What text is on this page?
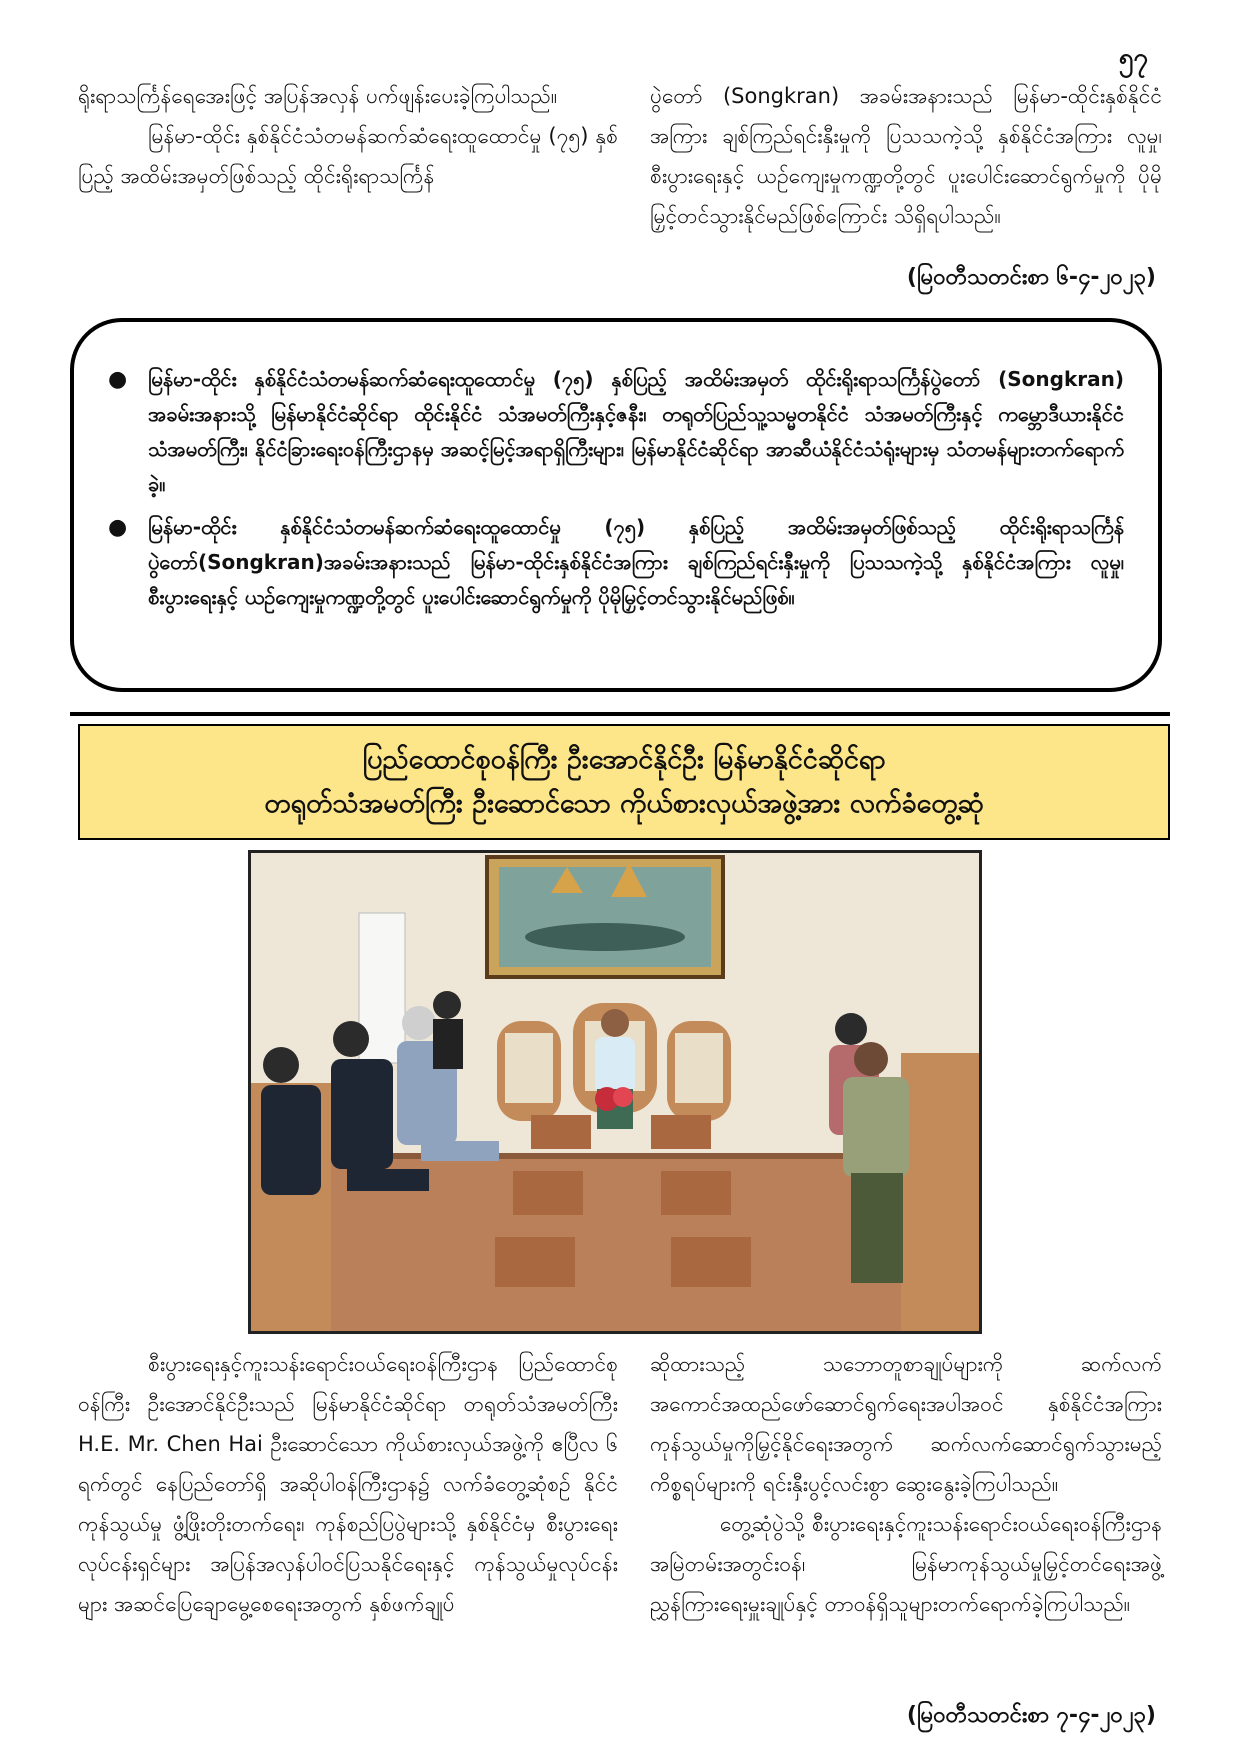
၅၇

ရိုးရာသင်္ကြန်ရေအေးဖြင့် အပြန်အလှန် ပက်ဖျန်းပေးခဲ့ကြပါသည်။

မြန်မာ-ထိုင်း နှစ်နိုင်ငံသံတမန်ဆက်ဆံရေးထူထောင်မှု (၇၅) နှစ်ပြည့် အထိမ်းအမှတ်ဖြစ်သည့် ထိုင်းရိုးရာသင်္ကြန်

ပွဲတော် (Songkran) အခမ်းအနားသည် မြန်မာ-ထိုင်းနှစ်နိုင်ငံ အကြား ချစ်ကြည်ရင်းနှီးမှုကို ပြသသကဲ့သို့ နှစ်နိုင်ငံအကြား လူမှု၊ စီးပွားရေးနှင့် ယဉ်ကျေးမှုကဏ္ဍတို့တွင် ပူးပေါင်းဆောင်ရွက်မှုကို ပိုမိုမြှင့်တင်သွားနိုင်မည်ဖြစ်ကြောင်း သိရှိရပါသည်။

(မြဝတီသတင်းစာ ၆-၄-၂၀၂၃)
● မြန်မာ-ထိုင်း နှစ်နိုင်ငံသံတမန်ဆက်ဆံရေးထူထောင်မှု (၇၅) နှစ်ပြည့် အထိမ်းအမှတ် ထိုင်းရိုးရာသင်္ကြန်ပွဲတော် (Songkran) အခမ်းအနားသို့ မြန်မာနိုင်ငံဆိုင်ရာ ထိုင်းနိုင်ငံ သံအမတ်ကြီးနှင့်ဇနီး၊ တရုတ်ပြည်သူ့သမ္မတနိုင်ငံ သံအမတ်ကြီးနှင့် ကမ္ဘောဒီယားနိုင်ငံသံအမတ်ကြီး၊ နိုင်ငံခြားရေးဝန်ကြီးဌာနမှ အဆင့်မြင့်အရာရှိကြီးများ၊ မြန်မာနိုင်ငံဆိုင်ရာ အာဆီယံနိုင်ငံသံရုံးများမှ သံတမန်များတက်ရောက်ခဲ့။
● မြန်မာ-ထိုင်း နှစ်နိုင်ငံသံတမန်ဆက်ဆံရေးထူထောင်မှု (၇၅) နှစ်ပြည့် အထိမ်းအမှတ်ဖြစ်သည့် ထိုင်းရိုးရာသင်္ကြန်ပွဲတော်(Songkran)အခမ်းအနားသည် မြန်မာ-ထိုင်းနှစ်နိုင်ငံအကြား ချစ်ကြည်ရင်းနှီးမှုကို ပြသသကဲ့သို့ နှစ်နိုင်ငံအကြား လူမှု၊ စီးပွားရေးနှင့် ယဉ်ကျေးမှုကဏ္ဍတို့တွင် ပူးပေါင်းဆောင်ရွက်မှုကို ပိုမိုမြှင့်တင်သွားနိုင်မည်ဖြစ်။
ပြည်ထောင်စုဝန်ကြီး ဦးအောင်နိုင်ဦး မြန်မာနိုင်ငံဆိုင်ရာ
တရုတ်သံအမတ်ကြီး ဦးဆောင်သော ကိုယ်စားလှယ်အဖွဲ့အား လက်ခံတွေ့ဆုံ

စီးပွားရေးနှင့်ကူးသန်းရောင်းဝယ်ရေးဝန်ကြီးဌာန ပြည်ထောင်စုဝန်ကြီး ဦးအောင်နိုင်ဦးသည် မြန်မာနိုင်ငံဆိုင်ရာ တရုတ်သံအမတ်ကြီး H.E. Mr. Chen Hai ဦးဆောင်သော ကိုယ်စားလှယ်အဖွဲ့ကို ဧပြီလ ၆ ရက်တွင် နေပြည်တော်ရှိ အဆိုပါဝန်ကြီးဌာန၌ လက်ခံတွေ့ဆုံစဉ် နိုင်ငံကုန်သွယ်မှု ဖွံ့ဖြိုးတိုးတက်ရေး၊ ကုန်စည်ပြပွဲများသို့ နှစ်နိုင်ငံမှ စီးပွားရေးလုပ်ငန်းရှင်များ အပြန်အလှန်ပါဝင်ပြသနိုင်ရေးနှင့် ကုန်သွယ်မှုလုပ်ငန်းများ အဆင်ပြေချောမွေ့စေရေးအတွက် နှစ်ဖက်ချုပ်

ဆိုထားသည့် သဘောတူစာချုပ်များကို ဆက်လက်အကောင်အထည်ဖော်ဆောင်ရွက်ရေးအပါအဝင် နှစ်နိုင်ငံအကြားကုန်သွယ်မှုကိုမြှင့်နိုင်ရေးအတွက် ဆက်လက်ဆောင်ရွက်သွားမည့် ကိစ္စရပ်များကို ရင်းနှီးပွင့်လင်းစွာ ဆွေးနွေးခဲ့ကြပါသည်။

တွေ့ဆုံပွဲသို့ စီးပွားရေးနှင့်ကူးသန်းရောင်းဝယ်ရေးဝန်ကြီးဌာန အမြဲတမ်းအတွင်းဝန်၊ မြန်မာကုန်သွယ်မှုမြှင့်တင်ရေးအဖွဲ့ ညွှန်ကြားရေးမှူးချုပ်နှင့် တာဝန်ရှိသူများတက်ရောက်ခဲ့ကြပါသည်။

(မြဝတီသတင်းစာ ၇-၄-၂၀၂၃)
